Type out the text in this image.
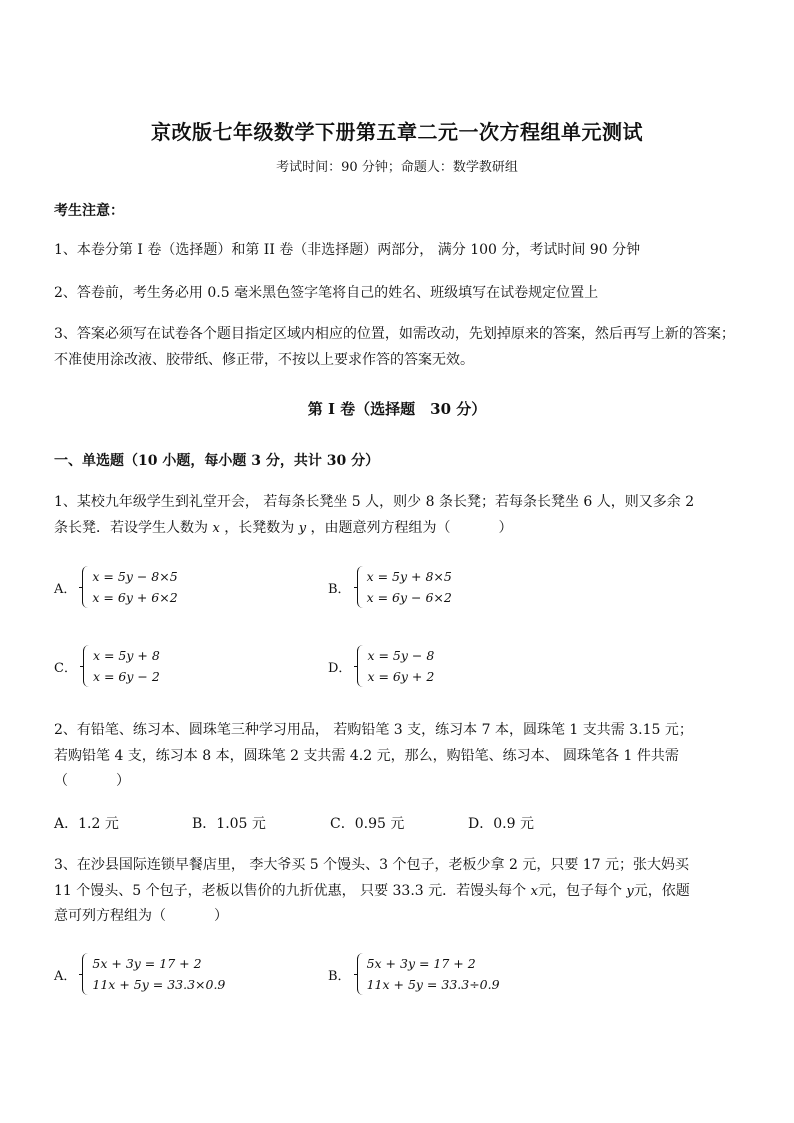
京改版七年级数学下册第五章二元一次方程组单元测试
考试时间：90 分钟；命题人：数学教研组
考生注意：
1、本卷分第 I 卷（选择题）和第 II 卷（非选择题）两部分， 满分 100 分，考试时间 90 分钟
2、答卷前，考生务必用 0.5 毫米黑色签字笔将自己的姓名、班级填写在试卷规定位置上
3、答案必须写在试卷各个题目指定区域内相应的位置，如需改动，先划掉原来的答案，然后再写上新的答案；不准使用涂改液、胶带纸、修正带，不按以上要求作答的答案无效。
第 I 卷（选择题　30 分）
一、单选题（10 小题，每小题 3 分，共计 30 分）
1、某校九年级学生到礼堂开会， 若每条长凳坐 5 人，则少 8 条长凳；若每条长凳坐 6 人，则又多余 2
条长凳．若设学生人数为 x ，长凳数为 y ，由题意列方程组为（	）
A．
x = 5y − 8×5
x = 6y + 6×2
B．
x = 5y + 8×5
x = 6y − 6×2
C．
x = 5y + 8
x = 6y − 2
D．
x = 5y − 8
x = 6y + 2
2、有铅笔、练习本、圆珠笔三种学习用品， 若购铅笔 3 支，练习本 7 本，圆珠笔 1 支共需 3.15 元；
若购铅笔 4 支，练习本 8 本，圆珠笔 2 支共需 4.2 元，那么，购铅笔、练习本、 圆珠笔各 1 件共需
（	）
A．1.2 元	B．1.05 元	C．0.95 元	D．0.9 元
3、在沙县国际连锁早餐店里， 李大爷买 5 个馒头、3 个包子，老板少拿 2 元，只要 17 元；张大妈买
11 个馒头、5 个包子，老板以售价的九折优惠， 只要 33.3 元．若馒头每个 x元，包子每个 y元，依题
意可列方程组为（	）
A．
5x + 3y = 17 + 2
11x + 5y = 33.3×0.9
B．
5x + 3y = 17 + 2
11x + 5y = 33.3÷0.9
